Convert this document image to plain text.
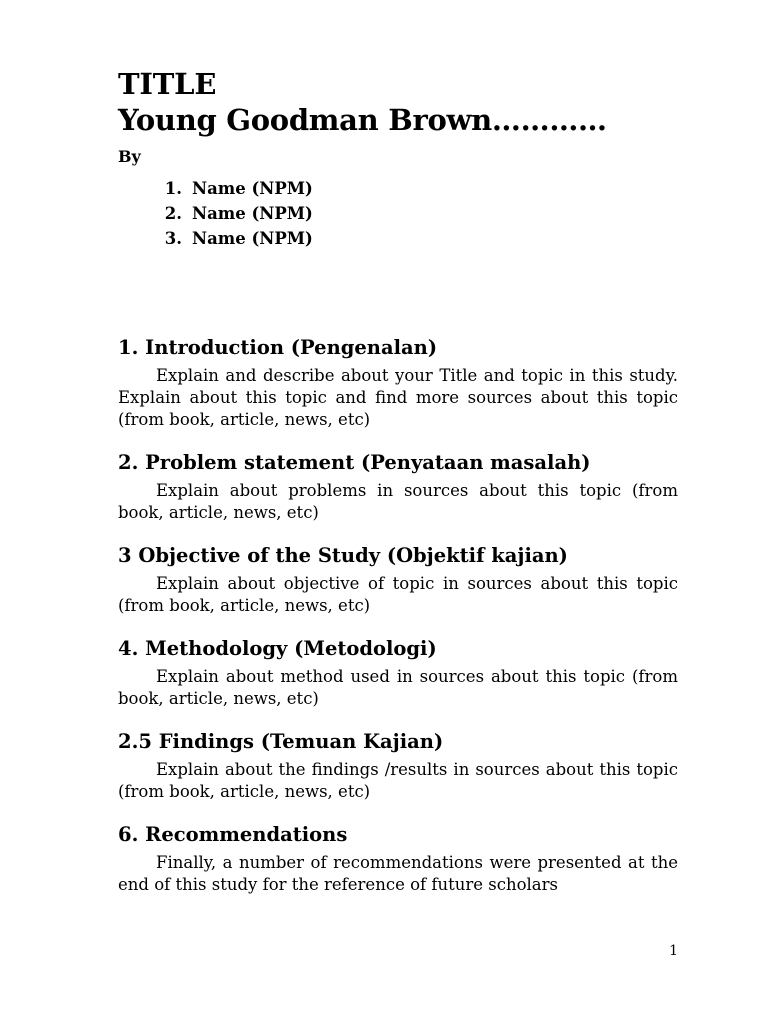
TITLE
Young Goodman Brown…………
By
1. Name (NPM)
2. Name (NPM)
3. Name (NPM)
1. Introduction (Pengenalan)

Explain and describe about your Title and topic in this study. Explain about this topic and find more sources about this topic (from book, article, news, etc)

2. Problem statement (Penyataan masalah)

Explain about problems in sources about this topic (from book, article, news, etc)

3 Objective of the Study (Objektif kajian)

Explain about objective of topic in sources about this topic (from book, article, news, etc)

4. Methodology (Metodologi)

Explain about method used in sources about this topic (from book, article, news, etc)

2.5 Findings (Temuan Kajian)

Explain about the findings /results in sources about this topic (from book, article, news, etc)

6. Recommendations

Finally, a number of recommendations were presented at the end of this study for the reference of future scholars

1
